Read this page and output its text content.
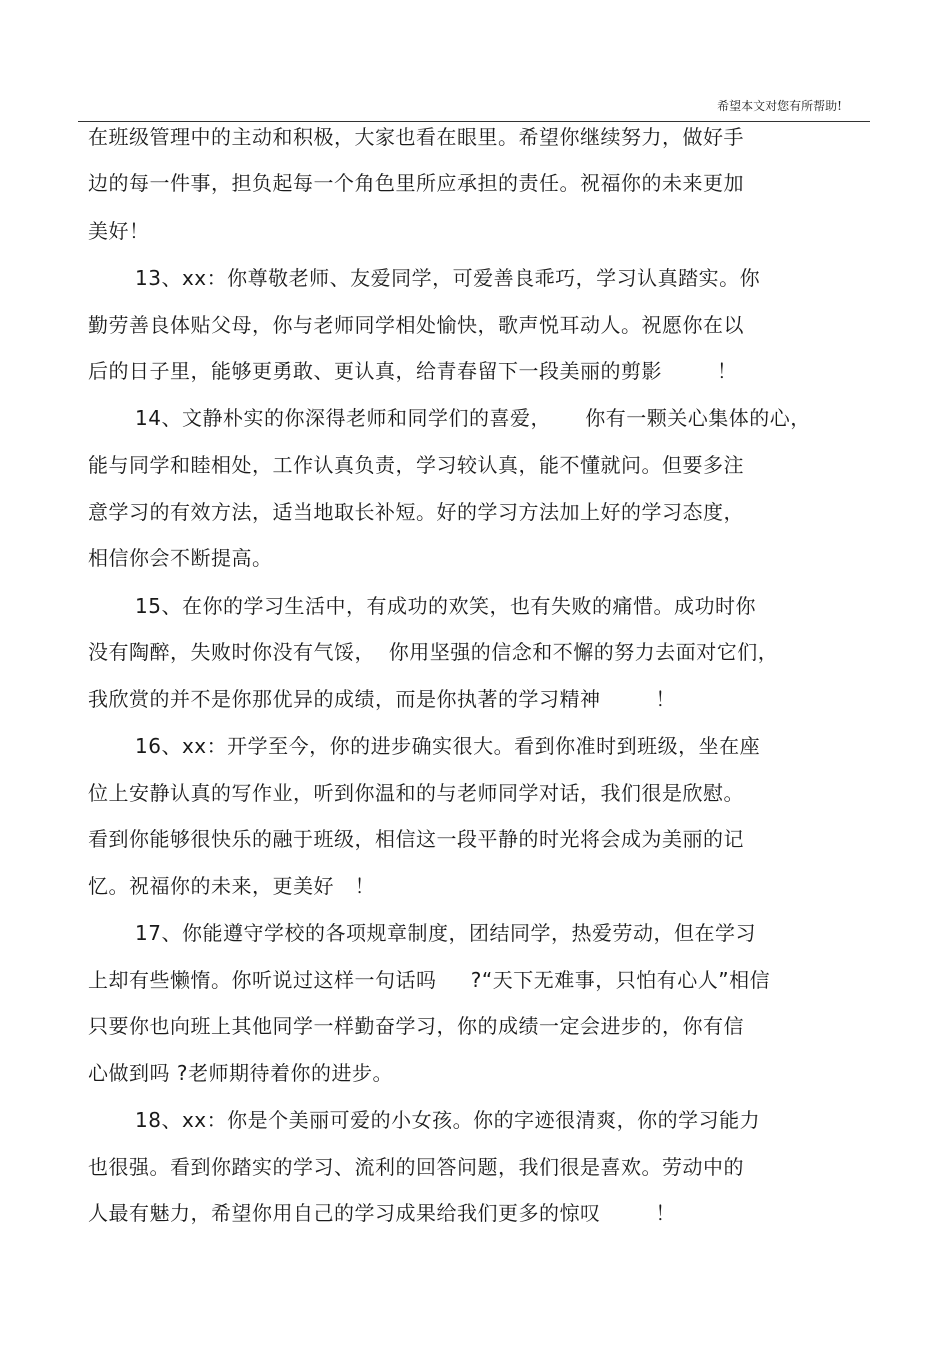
希望本文对您有所帮助!
在班级管理中的主动和积极，大家也看在眼里。希望你继续努力，做好手
边的每一件事，担负起每一个角色里所应承担的责任。祝福你的未来更加
美好！
13、xx：你尊敬老师、友爱同学，可爱善良乖巧，学习认真踏实。你
勤劳善良体贴父母，你与老师同学相处愉快，歌声悦耳动人。祝愿你在以
后的日子里，能够更勇敢、更认真，给青春留下一段美丽的剪影        ！
14、文静朴实的你深得老师和同学们的喜爱，     你有一颗关心集体的心，
能与同学和睦相处，工作认真负责，学习较认真，能不懂就问。但要多注
意学习的有效方法，适当地取长补短。好的学习方法加上好的学习态度，
相信你会不断提高。
15、在你的学习生活中，有成功的欢笑，也有失败的痛惜。成功时你
没有陶醉，失败时你没有气馁，  你用坚强的信念和不懈的努力去面对它们，
我欣赏的并不是你那优异的成绩，而是你执著的学习精神        ！
16、xx：开学至今，你的进步确实很大。看到你准时到班级，坐在座
位上安静认真的写作业，听到你温和的与老师同学对话，我们很是欣慰。
看到你能够很快乐的融于班级，相信这一段平静的时光将会成为美丽的记
忆。祝福你的未来，更美好   ！
17、你能遵守学校的各项规章制度，团结同学，热爱劳动，但在学习
上却有些懒惰。你听说过这样一句话吗     ?“天下无难事，只怕有心人”相信
只要你也向班上其他同学一样勤奋学习，你的成绩一定会进步的，你有信
心做到吗 ?老师期待着你的进步。
18、xx：你是个美丽可爱的小女孩。你的字迹很清爽，你的学习能力
也很强。看到你踏实的学习、流利的回答问题，我们很是喜欢。劳动中的
人最有魅力，希望你用自己的学习成果给我们更多的惊叹        ！
